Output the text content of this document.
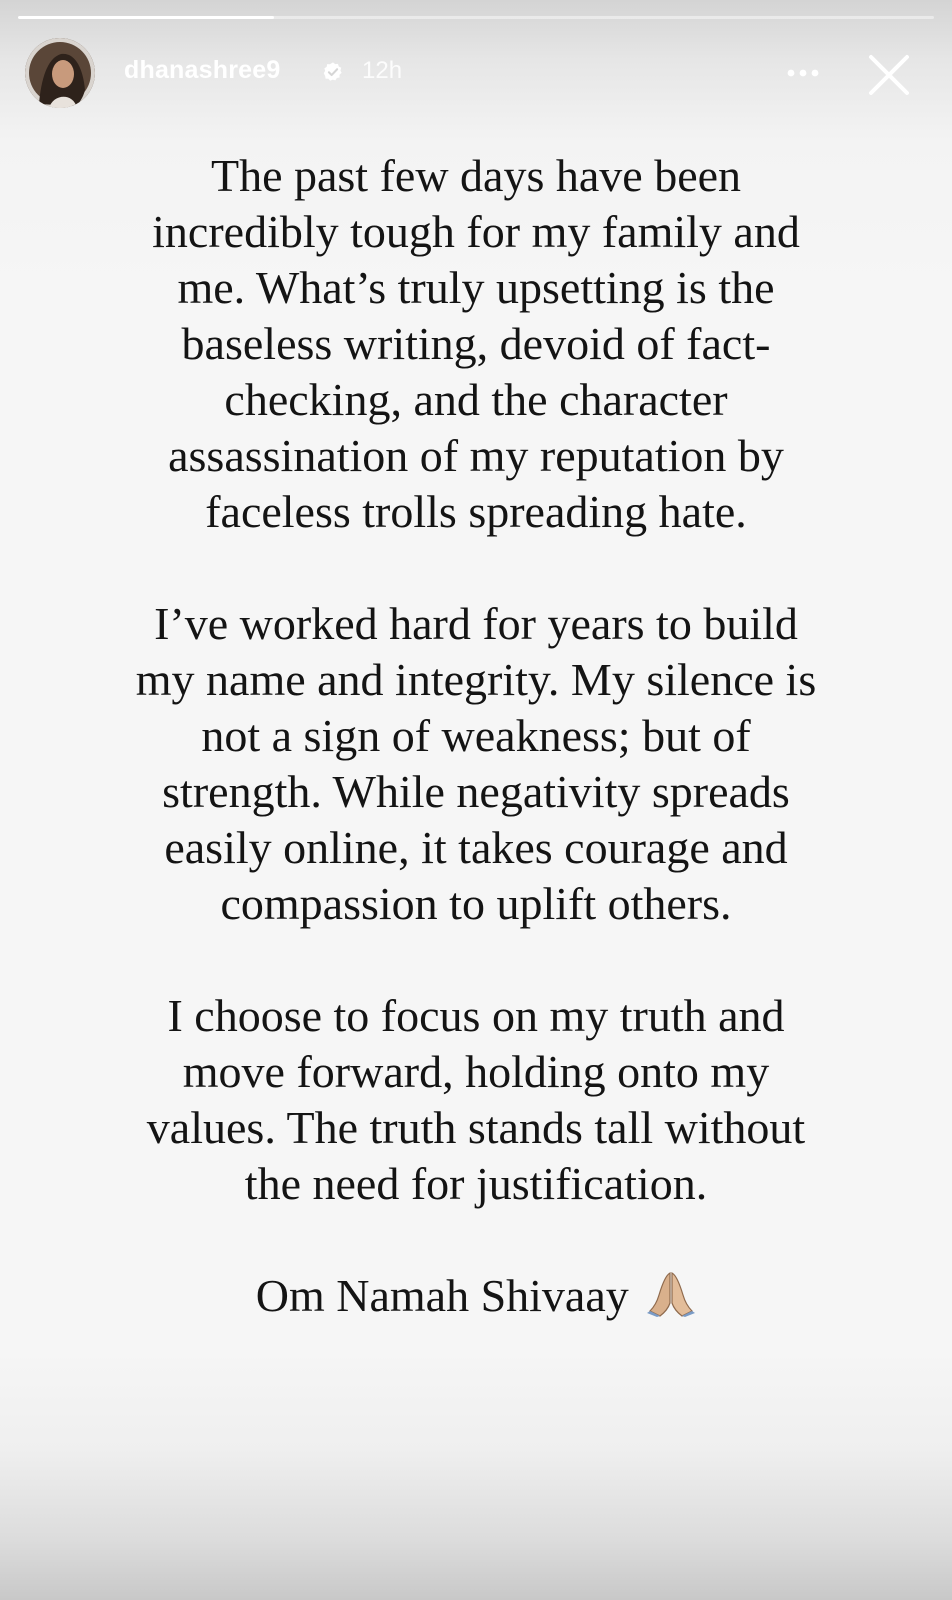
dhanashree9	12h

The past few days have been incredibly tough for my family and me. What’s truly upsetting is the baseless writing, devoid of fact-checking, and the character assassination of my reputation by faceless trolls spreading hate.

I’ve worked hard for years to build my name and integrity. My silence is not a sign of weakness; but of strength. While negativity spreads easily online, it takes courage and compassion to uplift others.

I choose to focus on my truth and move forward, holding onto my values. The truth stands tall without the need for justification.

Om Namah Shivaay
